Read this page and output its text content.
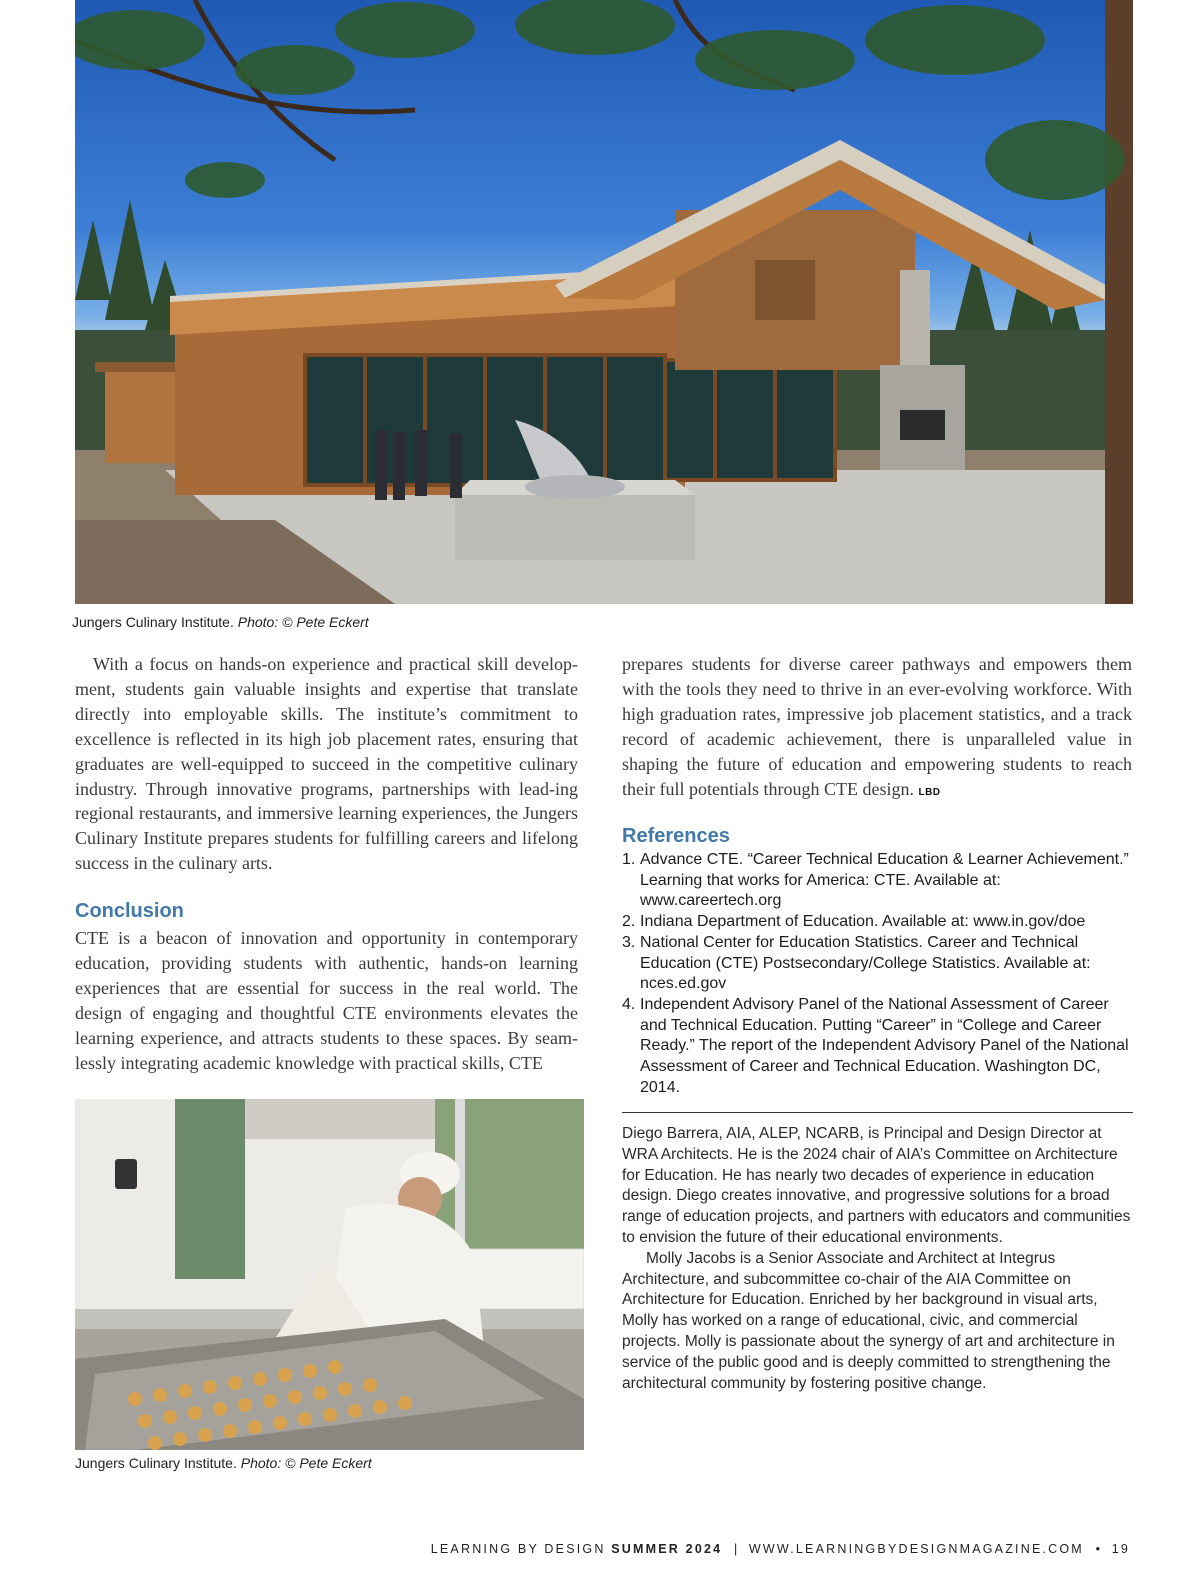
Jungers Culinary Institute. Photo: © Pete Eckert

With a focus on hands-on experience and practical skill develop-ment, students gain valuable insights and expertise that translate directly into employable skills. The institute’s commitment to excellence is reflected in its high job placement rates, ensuring that graduates are well-equipped to succeed in the competitive culinary industry. Through innovative programs, partnerships with lead-ing regional restaurants, and immersive learning experiences, the Jungers Culinary Institute prepares students for fulfilling careers and lifelong success in the culinary arts.

Conclusion

CTE is a beacon of innovation and opportunity in contemporary education, providing students with authentic, hands-on learning experiences that are essential for success in the real world. The design of engaging and thoughtful CTE environments elevates the learning experience, and attracts students to these spaces. By seam-lessly integrating academic knowledge with practical skills, CTE

Jungers Culinary Institute. Photo: © Pete Eckert

prepares students for diverse career pathways and empowers them with the tools they need to thrive in an ever-evolving workforce. With high graduation rates, impressive job placement statistics, and a track record of academic achievement, there is unparalleled value in shaping the future of education and empowering students to reach their full potentials through CTE design. LBD

References
1. Advance CTE. “Career Technical Education & Learner Achievement.” Learning that works for America: CTE. Available at: www.careertech.org
2. Indiana Department of Education. Available at: www.in.gov/doe
3. National Center for Education Statistics. Career and Technical Education (CTE) Postsecondary/College Statistics. Available at: nces.ed.gov
4. Independent Advisory Panel of the National Assessment of Career and Technical Education. Putting “Career” in “College and Career Ready.” The report of the Independent Advisory Panel of the National Assessment of Career and Technical Education. Washington DC, 2014.

Diego Barrera, AIA, ALEP, NCARB, is Principal and Design Director at WRA Architects. He is the 2024 chair of AIA’s Committee on Architecture for Education. He has nearly two decades of experience in education design. Diego creates innovative, and progressive solutions for a broad range of education projects, and partners with educators and communities to envision the future of their educational environments.

Molly Jacobs is a Senior Associate and Architect at Integrus Architecture, and subcommittee co-chair of the AIA Committee on Architecture for Education. Enriched by her background in visual arts, Molly has worked on a range of educational, civic, and commercial projects. Molly is passionate about the synergy of art and architecture in service of the public good and is deeply committed to strengthening the architectural community by fostering positive change.

LEARNING BY DESIGN SUMMER 2024 | WWW.LEARNINGBYDESIGNMAGAZINE.COM • 19
